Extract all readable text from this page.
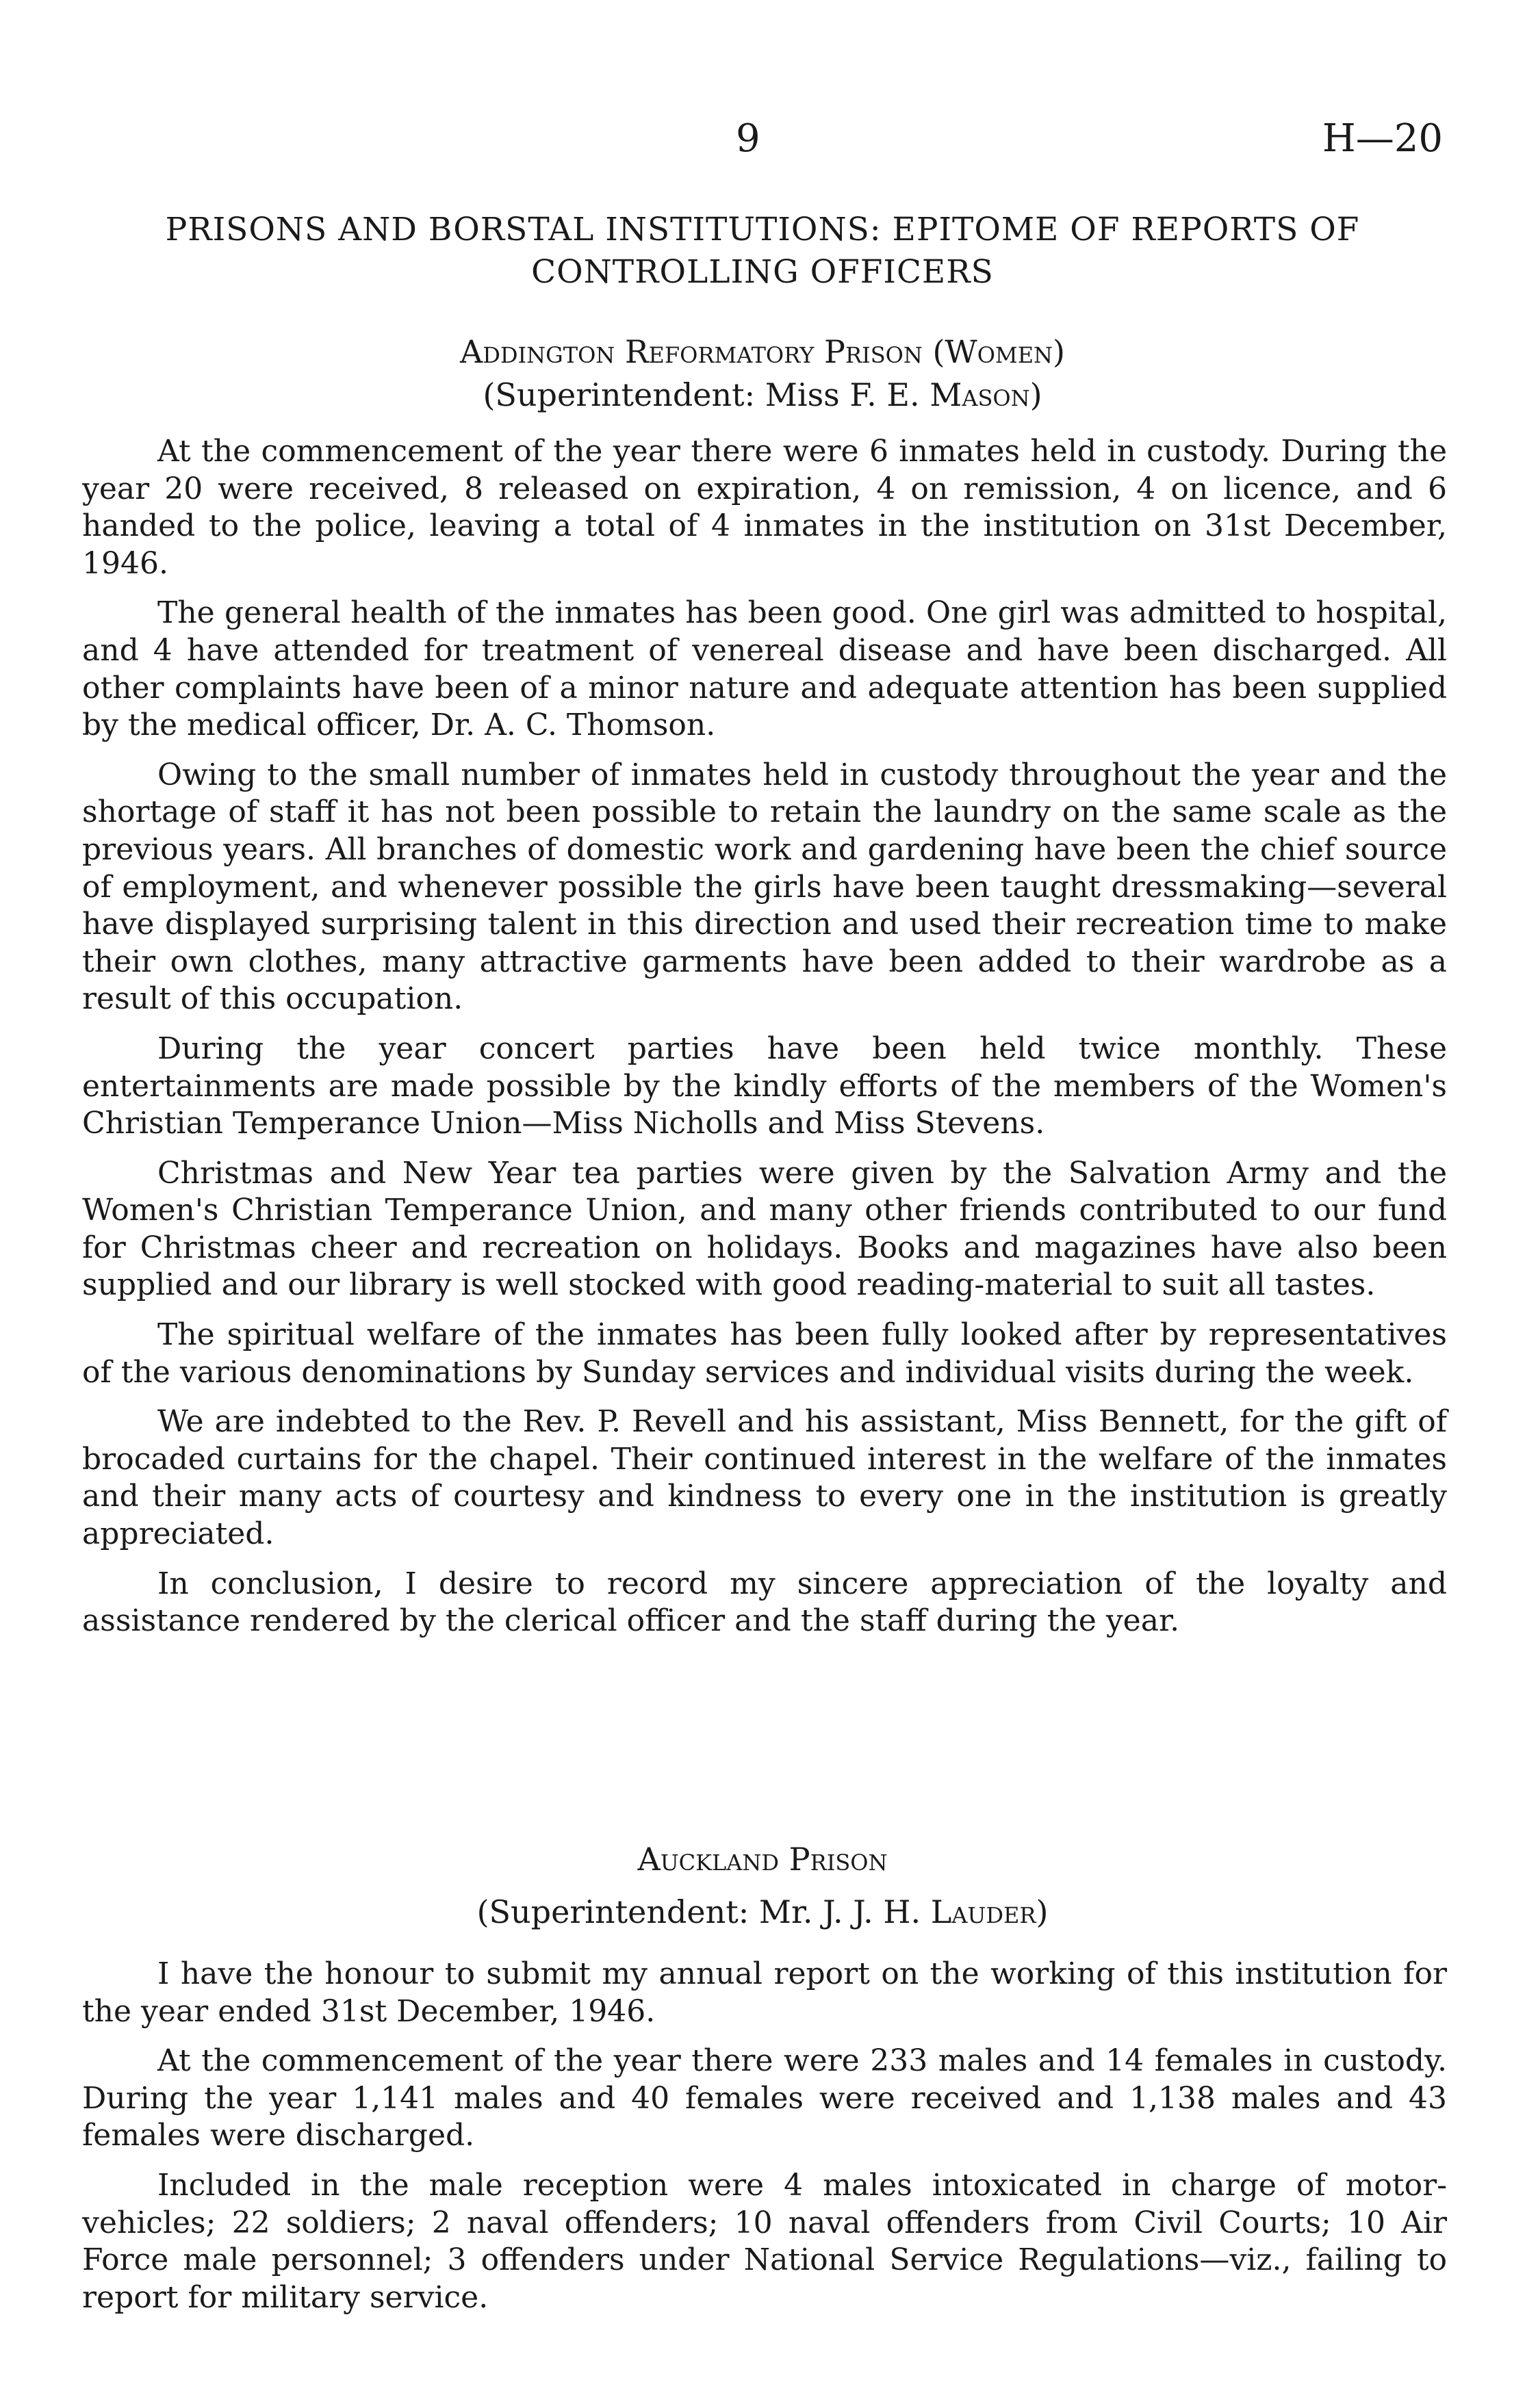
9	H—20
PRISONS AND BORSTAL INSTITUTIONS: EPITOME OF REPORTS OF CONTROLLING OFFICERS
Addington Reformatory Prison (Women)
(Superintendent: Miss F. E. Mason)

At the commencement of the year there were 6 inmates held in custody. During the year 20 were received, 8 released on expiration, 4 on remission, 4 on licence, and 6 handed to the police, leaving a total of 4 inmates in the institution on 31st December, 1946.

The general health of the inmates has been good. One girl was admitted to hospital, and 4 have attended for treatment of venereal disease and have been discharged. All other complaints have been of a minor nature and adequate attention has been supplied by the medical officer, Dr. A. C. Thomson.

Owing to the small number of inmates held in custody throughout the year and the shortage of staff it has not been possible to retain the laundry on the same scale as the previous years. All branches of domestic work and gardening have been the chief source of employment, and whenever possible the girls have been taught dressmaking—several have displayed surprising talent in this direction and used their recreation time to make their own clothes, many attractive garments have been added to their wardrobe as a result of this occupation.

During the year concert parties have been held twice monthly. These entertainments are made possible by the kindly efforts of the members of the Women's Christian Temperance Union—Miss Nicholls and Miss Stevens.

Christmas and New Year tea parties were given by the Salvation Army and the Women's Christian Temperance Union, and many other friends contributed to our fund for Christmas cheer and recreation on holidays. Books and magazines have also been supplied and our library is well stocked with good reading-material to suit all tastes.

The spiritual welfare of the inmates has been fully looked after by representatives of the various denominations by Sunday services and individual visits during the week.

We are indebted to the Rev. P. Revell and his assistant, Miss Bennett, for the gift of brocaded curtains for the chapel. Their continued interest in the welfare of the inmates and their many acts of courtesy and kindness to every one in the institution is greatly appreciated.

In conclusion, I desire to record my sincere appreciation of the loyalty and assistance rendered by the clerical officer and the staff during the year.

Auckland Prison
(Superintendent: Mr. J. J. H. Lauder)

I have the honour to submit my annual report on the working of this institution for the year ended 31st December, 1946.

At the commencement of the year there were 233 males and 14 females in custody. During the year 1,141 males and 40 females were received and 1,138 males and 43 females were discharged.

Included in the male reception were 4 males intoxicated in charge of motor-vehicles; 22 soldiers; 2 naval offenders; 10 naval offenders from Civil Courts; 10 Air Force male personnel; 3 offenders under National Service Regulations—viz., failing to report for military service.
